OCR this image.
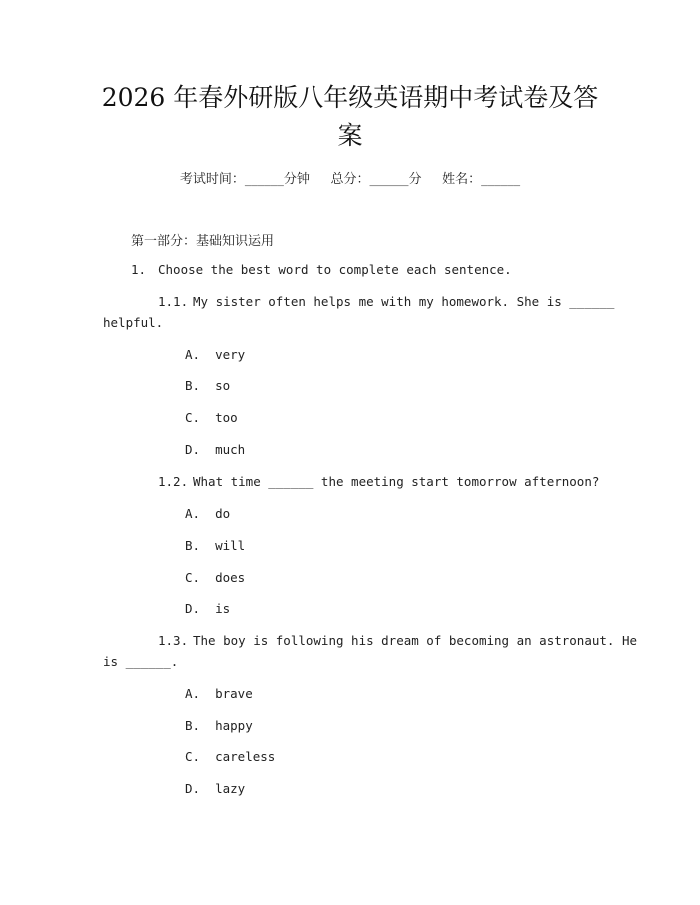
2026 年春外研版八年级英语期中考试卷及答
案
考试时间：______分钟     总分：______分     姓名：______
第一部分：基础知识运用
1. Choose the best word to complete each sentence.
1.1. My sister often helps me with my homework. She is ______
helpful.
A.  very
B.  so
C.  too
D.  much
1.2. What time ______ the meeting start tomorrow afternoon?
A.  do
B.  will
C.  does
D.  is
1.3. The boy is following his dream of becoming an astronaut. He
is ______.
A.  brave
B.  happy
C.  careless
D.  lazy
